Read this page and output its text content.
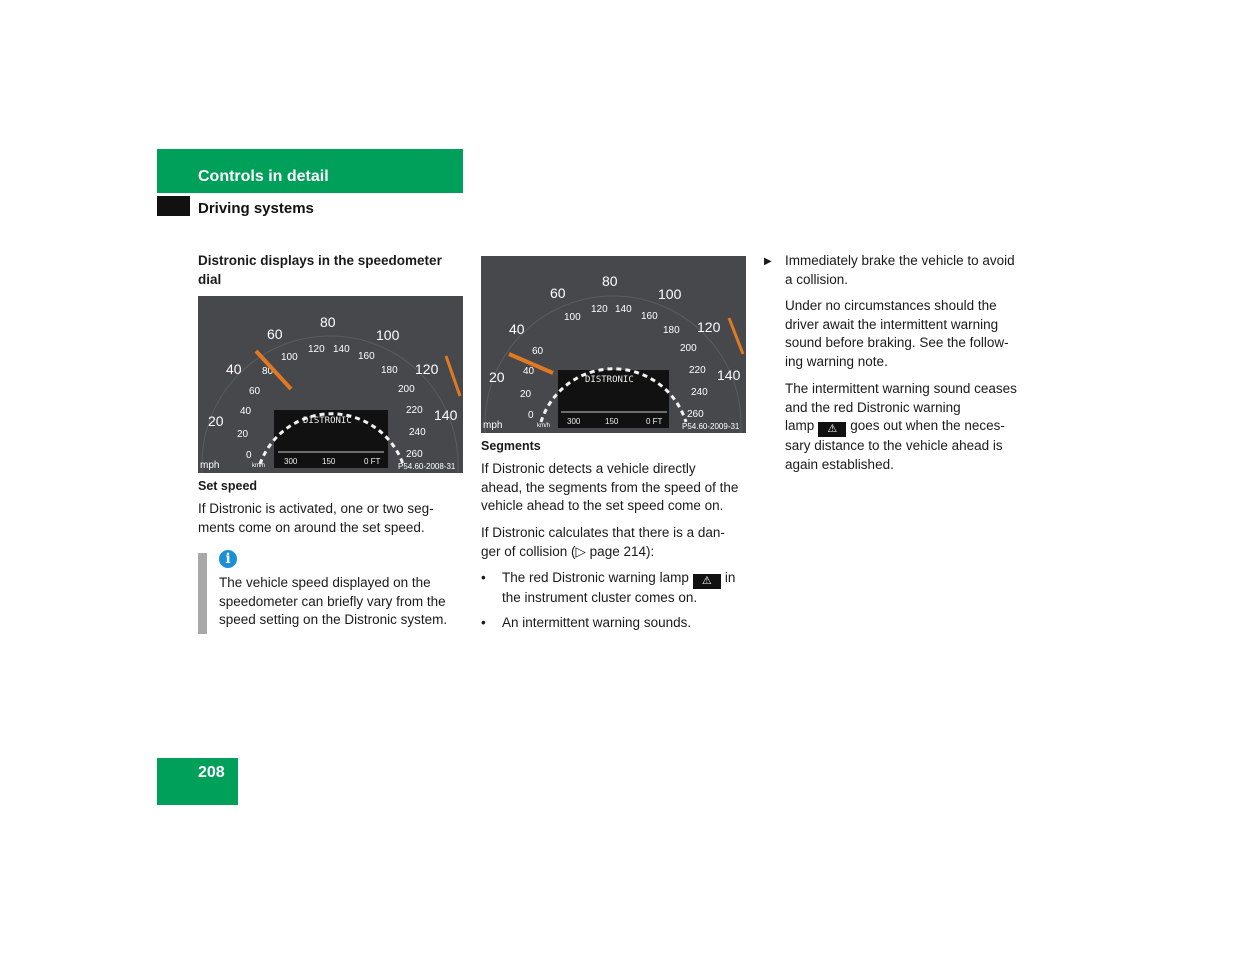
Controls in detail
Driving systems
Distronic displays in the speedometer
dial
20
40
60
80
100
120
140
0
20
40
60
80
100
120 140
160
180
200
220
240
260
mph	km/h	P54.60-2008-31
DISTRONIC
300	150	0 FT
Set speed
If Distronic is activated, one or two seg-
ments come on around the set speed.
i
The vehicle speed displayed on the
speedometer can briefly vary from the
speed setting on the Distronic system.
20
40
60
80
100
120
140
0
20
40
60
100
120 140
160
180
200
220
240
260
mph	km/h	P54.60-2009-31
DISTRONIC
300	150	0 FT
Segments
If Distronic detects a vehicle directly
ahead, the segments from the speed of the
vehicle ahead to the set speed come on.
If Distronic calculates that there is a dan-
ger of collision (▷ page 214):
• The red Distronic warning lamp ⚠ in
the instrument cluster comes on.
• An intermittent warning sounds.
▶ Immediately brake the vehicle to avoid
a collision.
Under no circumstances should the
driver await the intermittent warning
sound before braking. See the follow-
ing warning note.
The intermittent warning sound ceases
and the red Distronic warning
lamp ⚠ goes out when the neces-
sary distance to the vehicle ahead is
again established.
208
